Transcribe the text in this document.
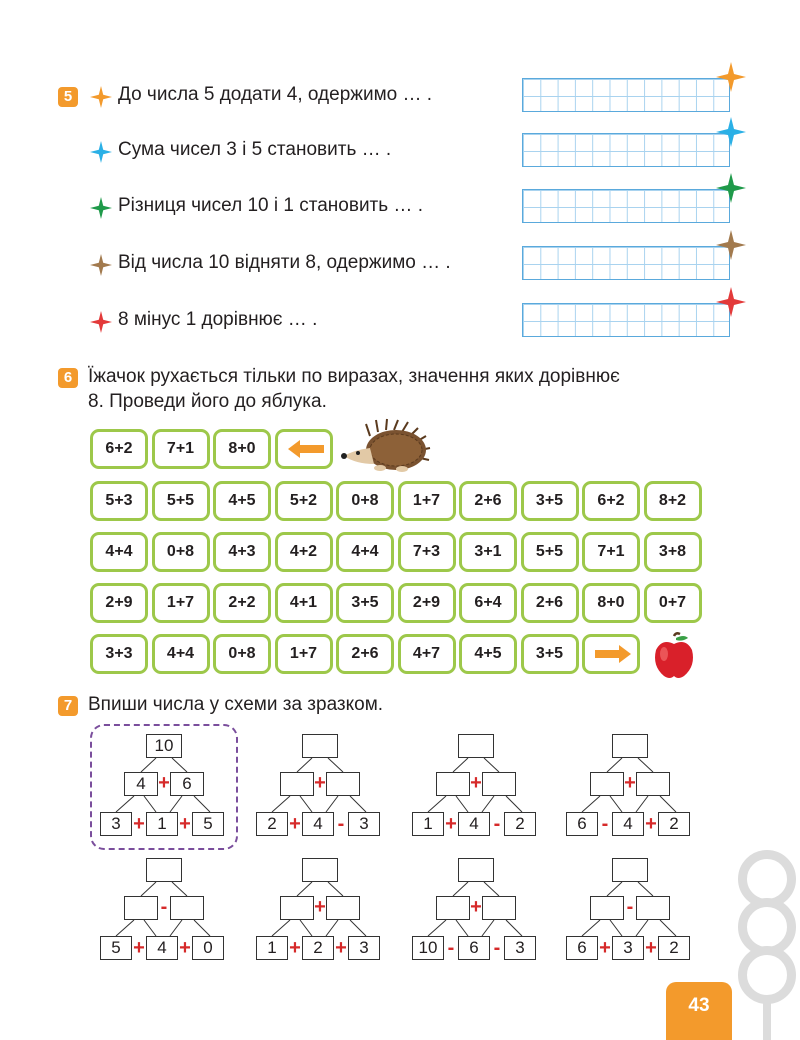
5	До числа 5 додати 4, одержимо … .
Сума чисел 3 і 5 становить … .
Різниця чисел 10 і 1 становить … .
Від числа 10 відняти 8, одержимо … .
8 мінус 1 дорівнює … .
6 Їжачок рухається тільки по виразах, значення яких дорівнює
8. Проведи його до яблука.
6+2	7+1	8+0
5+3	5+5	4+5	5+2	0+8	1+7	2+6	3+5	6+2	8+2
4+4	0+8	4+3	4+2	4+4	7+3	3+1	5+5	7+1	3+8
2+9	1+7	2+2	4+1	3+5	2+9	6+4	2+6	8+0	0+7
3+3	4+4	0+8	1+7	2+6	4+7	4+5	3+5
7 Впиши числа у схеми за зразком.
10
4	6
+
3	1	5
+ +
+
2	4	3
+ -
+
1	4	2
+ -
+
6	4	2
- +
-
5	4	0
+ +
+
1	2	3
+ +
+
10	6	3
- -
-
6	3	2
+ +
43
